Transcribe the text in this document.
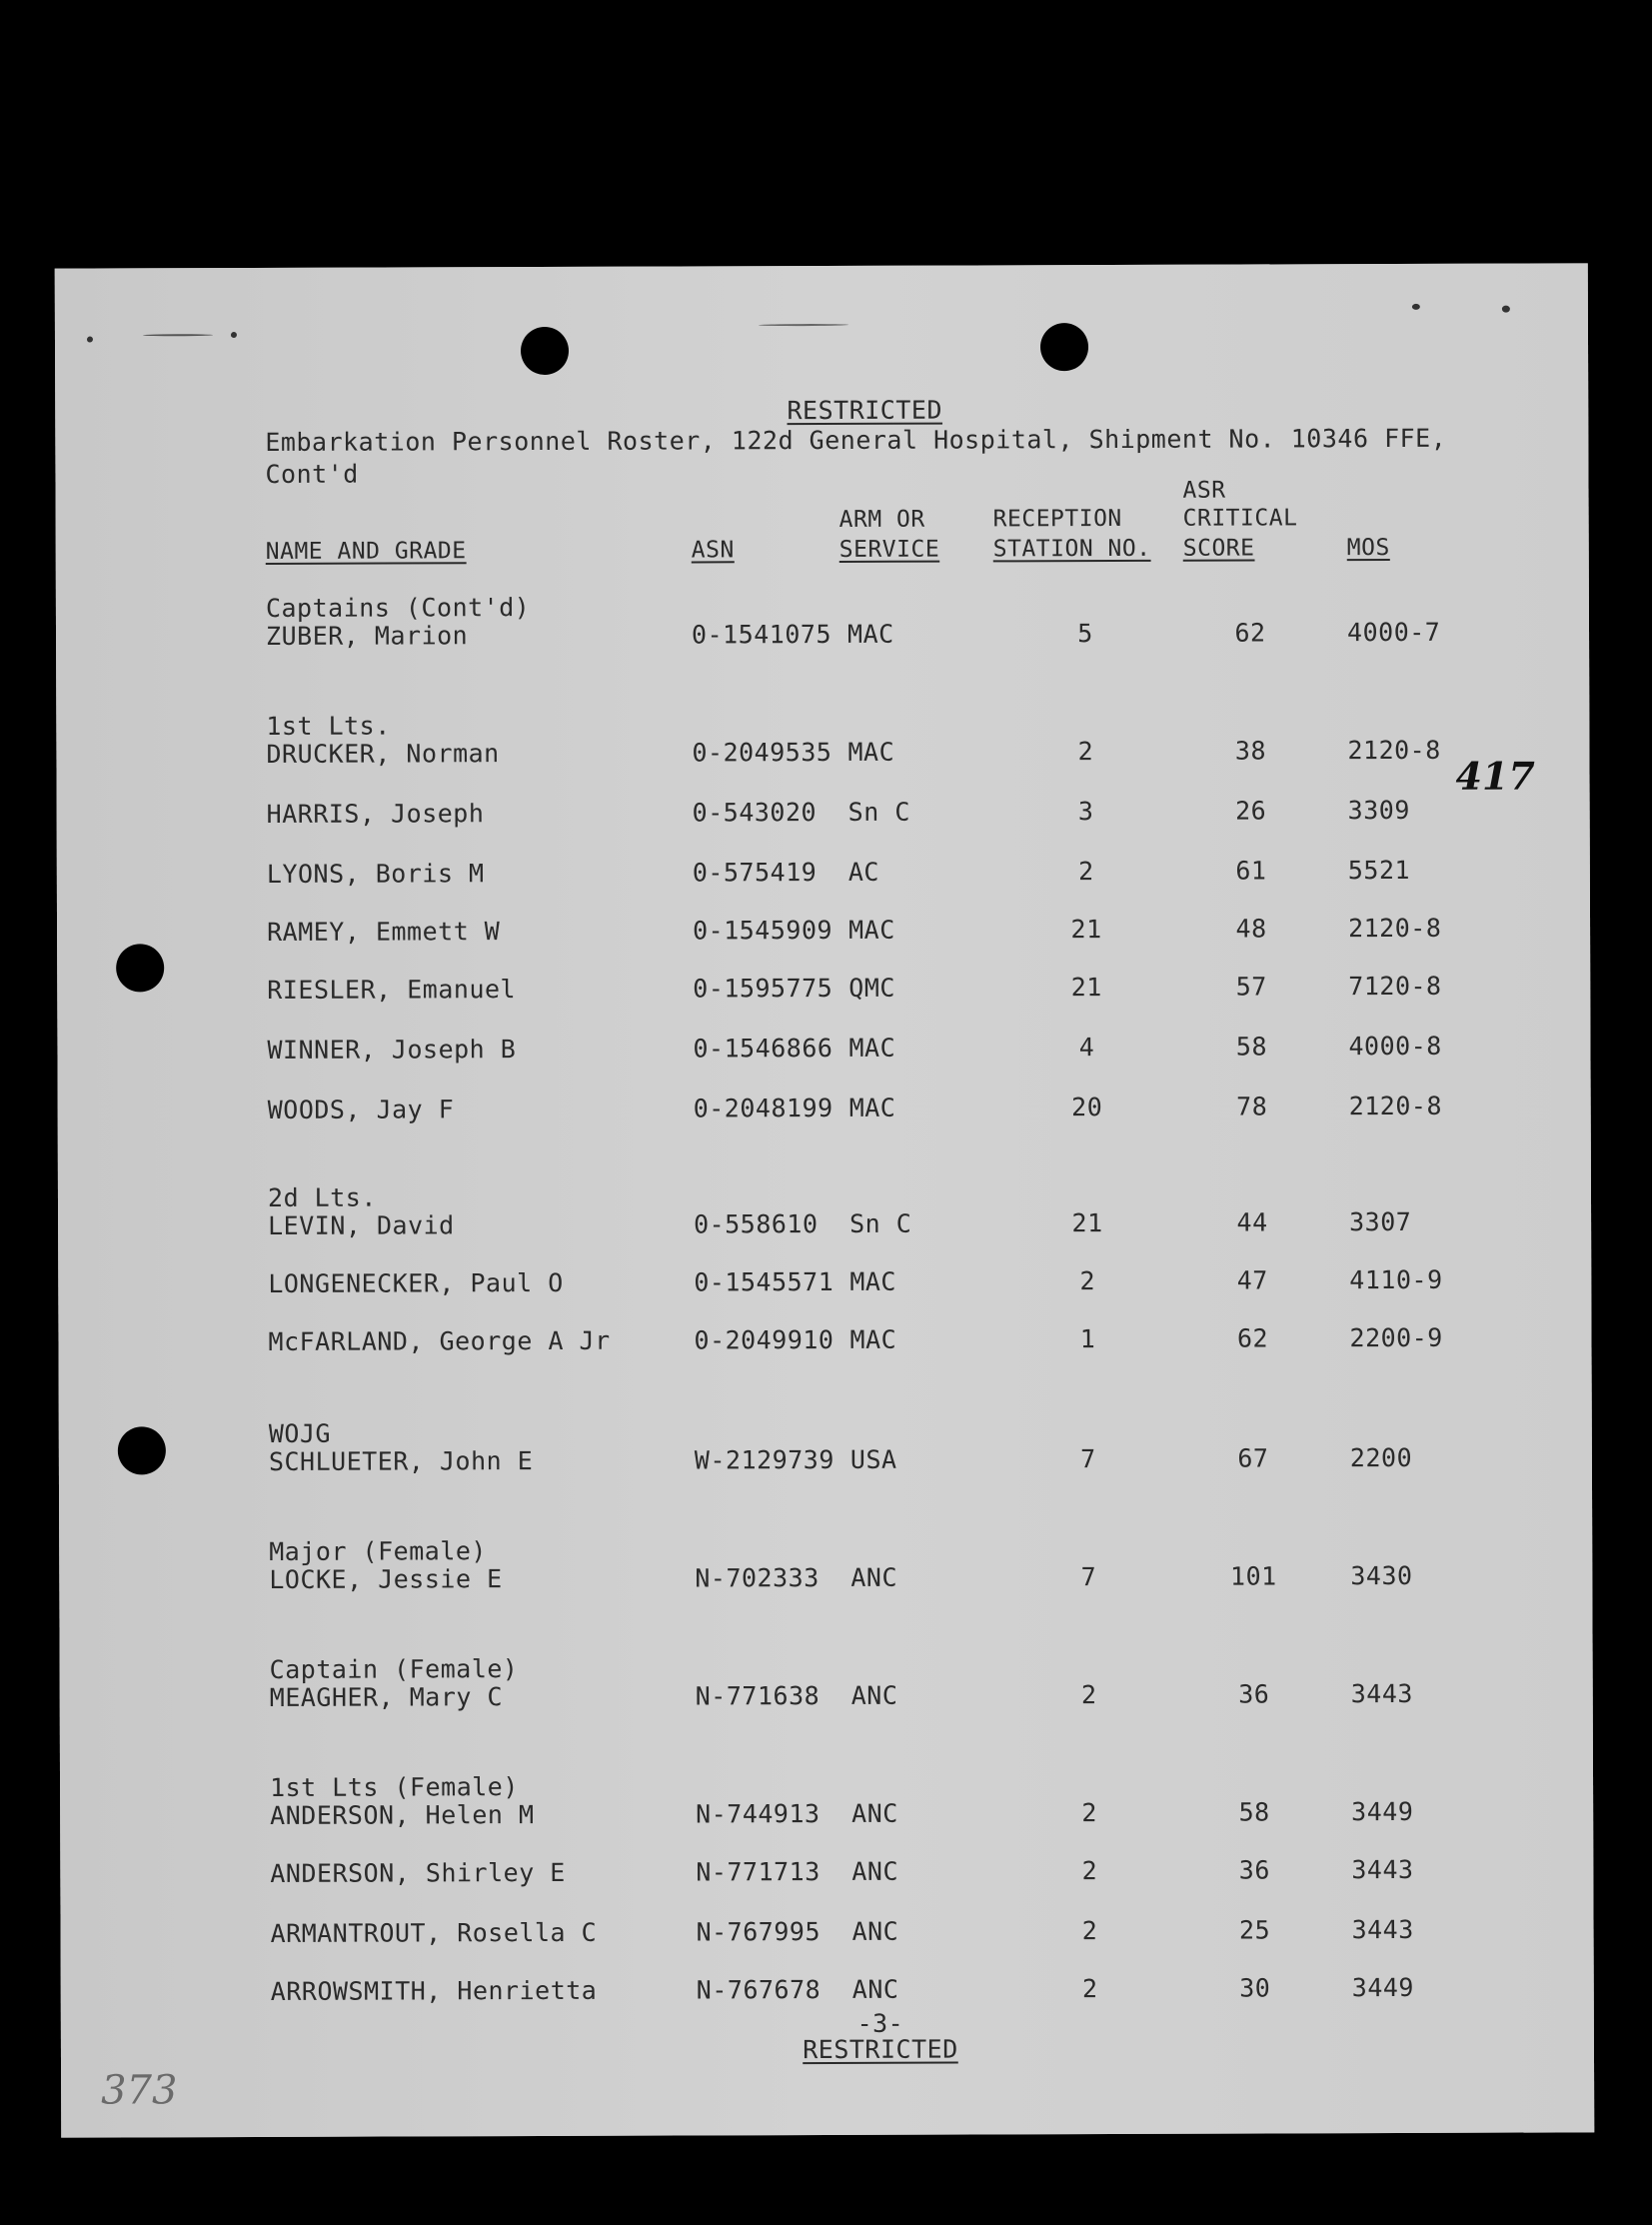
RESTRICTED
Embarkation Personnel Roster, 122d General Hospital, Shipment No. 10346 FFE,
Cont'd
ASR
ARM OR	RECEPTION	CRITICAL
NAME AND GRADE	ASN	SERVICE	STATION NO.	SCORE	MOS
Captains (Cont'd)
ZUBER, Marion	0-1541075 MAC	5	62	4000-7
1st Lts.
DRUCKER, Norman	0-2049535 MAC	2	38	2120-8
HARRIS, Joseph	0-543020	Sn C	3	26	3309
LYONS, Boris M	0-575419	AC	2	61	5521
RAMEY, Emmett W	0-1545909 MAC	21	48	2120-8
RIESLER, Emanuel	0-1595775 QMC	21	57	7120-8
WINNER, Joseph B	0-1546866 MAC	4	58	4000-8
WOODS, Jay F	0-2048199 MAC	20	78	2120-8
2d Lts.
LEVIN, David	0-558610	Sn C	21	44	3307
LONGENECKER, Paul O	0-1545571 MAC	2	47	4110-9
McFARLAND, George A Jr	0-2049910 MAC	1	62	2200-9
WOJG
SCHLUETER, John E	W-2129739 USA	7	67	2200
Major (Female)
LOCKE, Jessie E	N-702333	ANC	7	101	3430
Captain (Female)
MEAGHER, Mary C	N-771638	ANC	2	36	3443
1st Lts (Female)
ANDERSON, Helen M	N-744913	ANC	2	58	3449
ANDERSON, Shirley E	N-771713	ANC	2	36	3443
ARMANTROUT, Rosella C	N-767995	ANC	2	25	3443
ARROWSMITH, Henrietta	N-767678	ANC	2	30	3449
-3-
RESTRICTED
417
373
